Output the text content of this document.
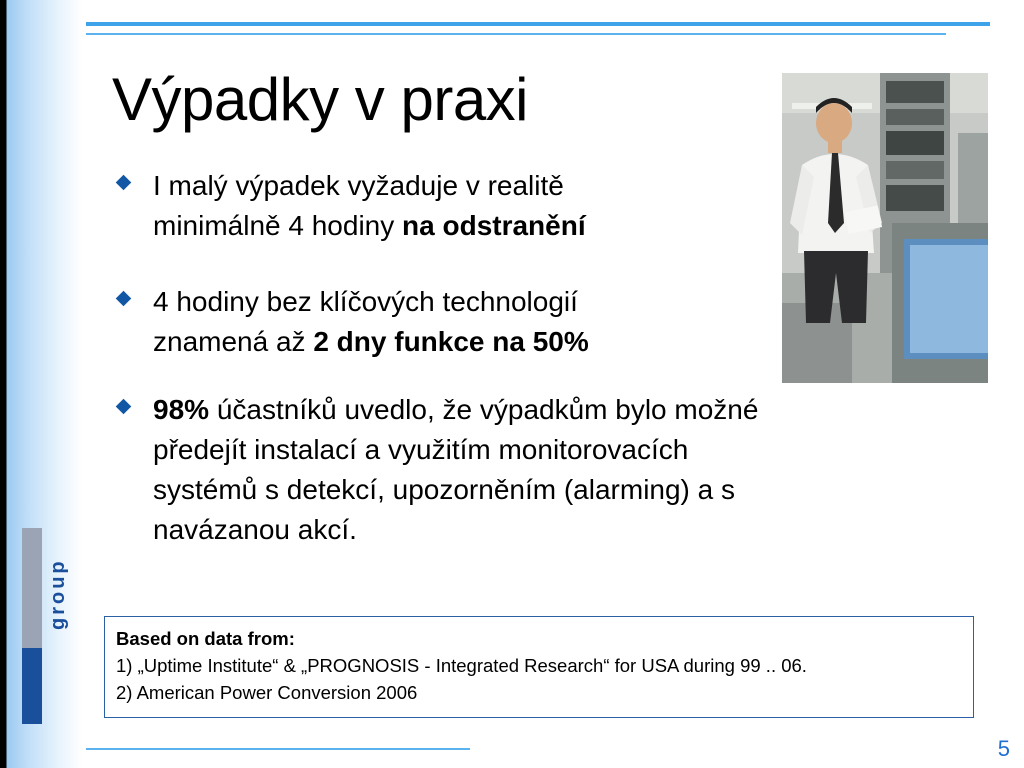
Výpadky v praxi
I malý výpadek vyžaduje v realitě
minimálně 4 hodiny na odstranění
4 hodiny bez klíčových technologií
znamená až 2 dny funkce na 50%
98% účastníků uvedlo, že výpadkům bylo možné
předejít instalací a využitím monitorovacích
systémů s detekcí, upozorněním (alarming) a s
navázanou akcí.
Based on data from:
1) „Uptime Institute“ & „PROGNOSIS - Integrated Research“ for USA during 99 .. 06.
2) American Power Conversion 2006
group
5
